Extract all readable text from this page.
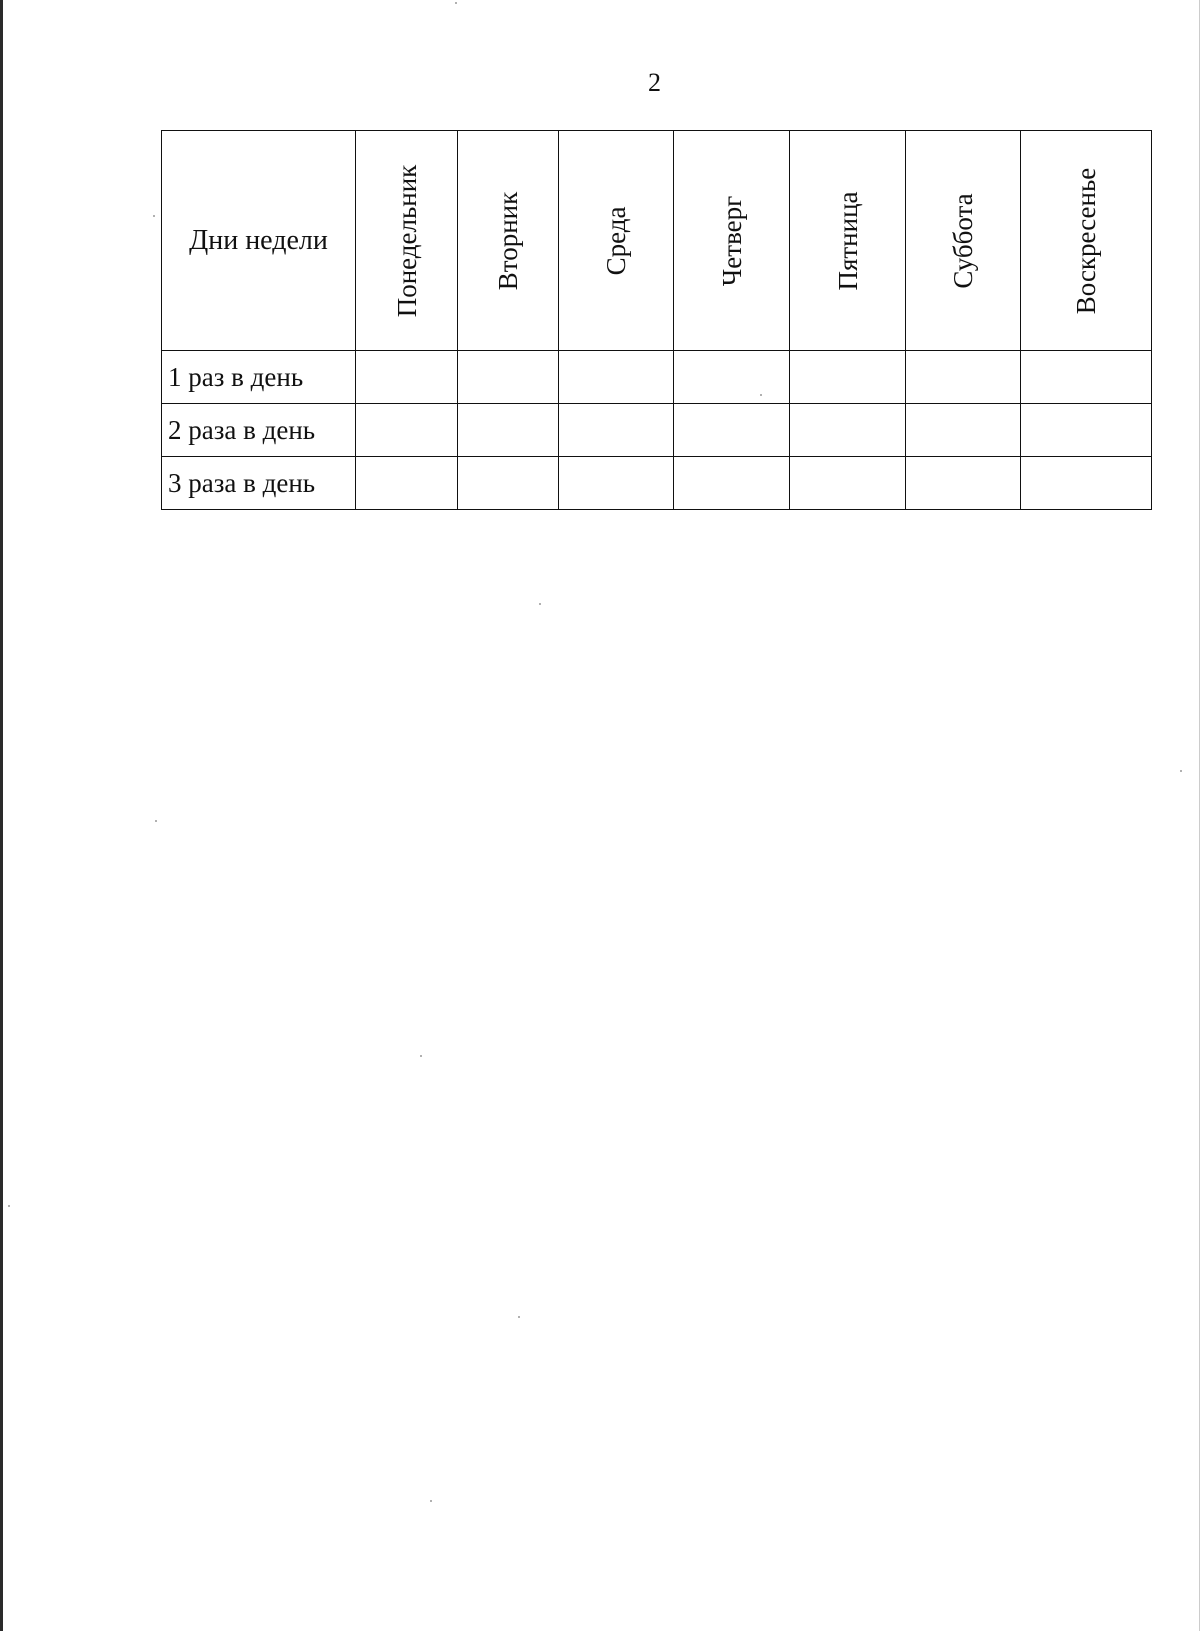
2
Дни недели	Понедельник	Вторник	Среда	Четверг	Пятница	Суббота	Воскресенье

1 раз в день							
2 раза в день							
3 раза в день							
